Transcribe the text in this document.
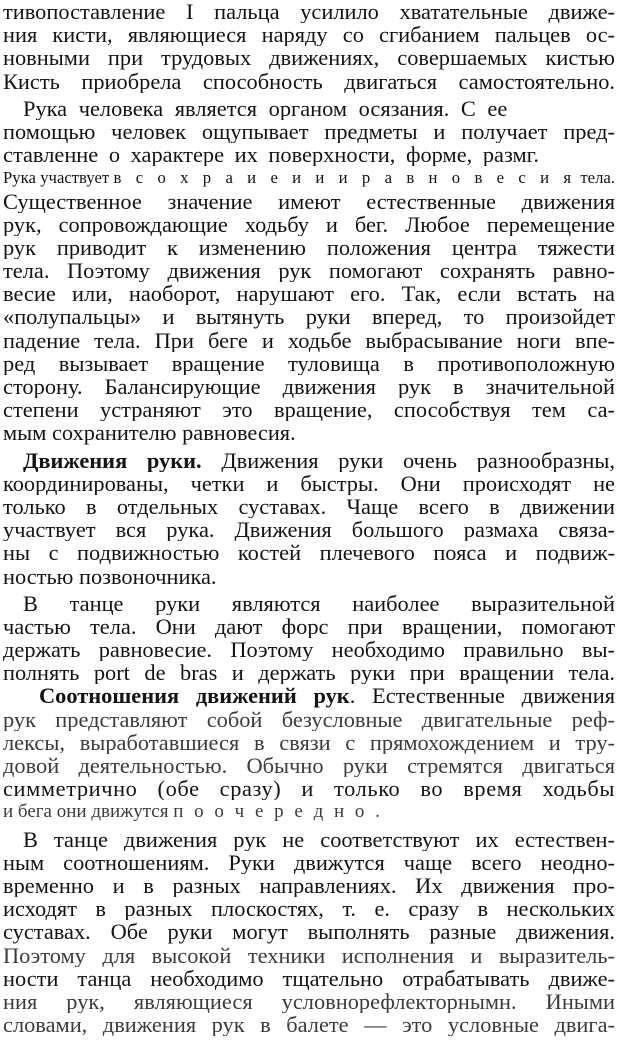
тивопоставление I пальца усилило хватательные движе-
ния кисти, являющиеся наряду со сгибанием пальцев ос-
новными при трудовых движениях, совершаемых кистью
Кисть приобрела способность двигаться самостоятельно.
Рука человека является органом осязания. С ее
помощью человек ощупывает предметы и получает пред-
ставленне о характере их поверхности, форме, размг.
Рука участвует в с о х р а и е и и и р а в н о в е с и я тела.
Существенное значение имеют естественные движения
рук, сопровождающие ходьбу и бег. Любое перемещение
рук приводит к изменению положения центра тяжести
тела. Поэтому движения рук помогают сохранять равно-
весие или, наоборот, нарушают его. Так, если встать на
«полупальцы» и вытянуть руки вперед, то произойдет
падение тела. При беге и ходьбе выбрасывание ноги впе-
ред вызывает вращение туловища в противоположную
сторону. Балансирующие движения рук в значительной
степени устраняют это вращение, способствуя тем са-
мым сохранителю равновесия.
Движения руки. Движения руки очень разнообразны,
координированы, четки и быстры. Они происходят не
только в отдельных суставах. Чаще всего в движении
участвует вся рука. Движения большого размаха связа-
ны с подвижностью костей плечевого пояса и подвиж-
ностью позвоночника.
В танце руки являются наиболее выразительной
частью тела. Они дают форс при вращении, помогают
держать равновесие. Поэтому необходимо правильно вы-
полнять port de bras и держать руки при вращении тела.
Соотношения движений рук. Естественные движения
рук представляют собой безусловные двигательные реф-
лексы, выработавшиеся в связи с прямохождением и тру-
довой деятельностью. Обычно руки стремятся двигаться
симметрично (обе сразу) и только во время ходьбы
и бега они движутся п о о ч е р е д н о .
В танце движения рук не соответствуют их естествен-
ным соотношениям. Руки движутся чаще всего неодно-
временно и в разных направлениях. Их движения про-
исходят в разных плоскостях, т. е. сразу в нескольких
суставах. Обе руки могут выполнять разные движения.
Поэтому для высокой техники исполнения и выразитель-
ности танца необходимо тщательно отрабатывать движе-
ния рук, являющиеся условнорефлекторнымн. Иными
словами, движения рук в балете — это условные двига-
